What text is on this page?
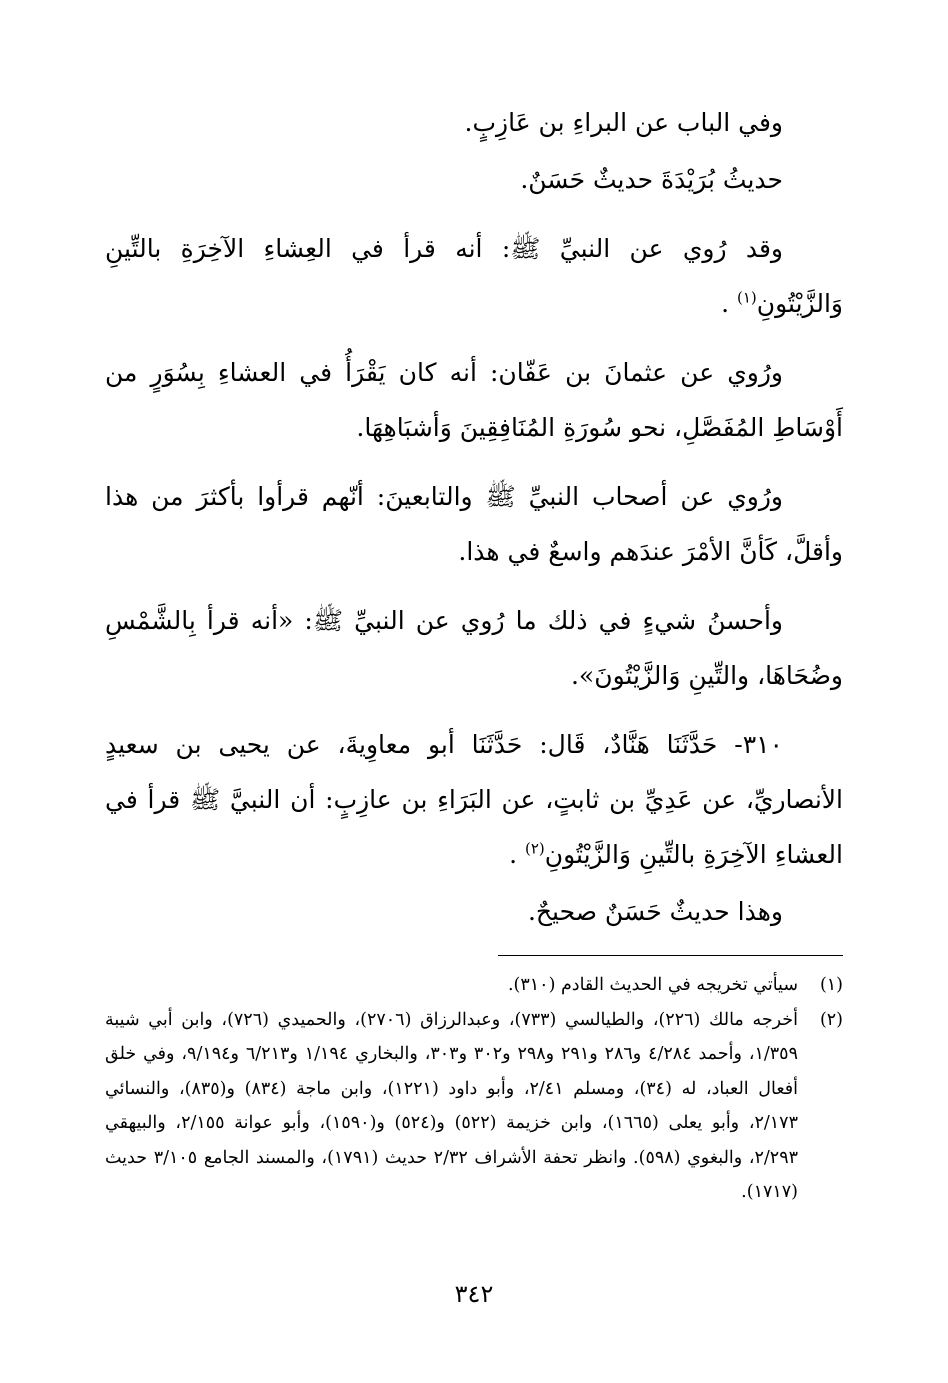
وفي الباب عن البراءِ بن عَازِبٍ.

حديثُ بُرَيْدَةَ حديثٌ حَسَنٌ.

وقد رُوي عن النبيِّ ﷺ: أنه قرأ في العِشاءِ الآخِرَةِ بالتِّينِ وَالزَّيْتُونِ$^{(١)}$ .

ورُوي عن عثمانَ بن عَفّان: أنه كان يَقْرَأُ في العشاءِ بِسُوَرٍ من أَوْسَاطِ المُفَصَّلِ، نحو سُورَةِ المُنَافِقِينَ وَأشبَاهِهَا.

ورُوي عن أصحاب النبيِّ ﷺ والتابعينَ: أنّهم قرأوا بأكثرَ من هذا وأقلَّ، كَأنَّ الأمْرَ عندَهم واسعٌ في هذا.

وأحسنُ شيءٍ في ذلك ما رُوي عن النبيِّ ﷺ: «أنه قرأ بِالشَّمْسِ وضُحَاهَا، والتِّينِ وَالزَّيْتُونَ».

٣١٠- حَدَّثَنَا هَنَّادٌ، قَال: حَدَّثَنَا أبو معاوِيةَ، عن يحيى بن سعيدٍ الأنصاريِّ، عن عَدِيِّ بن ثابتٍ، عن البَرَاءِ بن عازِبٍ: أن النبيَّ ﷺ قرأ في العشاءِ الآخِرَةِ بالتِّينِ وَالزَّيْتُونِ$^{(٢)}$ .

وهذا حديثٌ حَسَنٌ صحيحٌ.

(١)
سيأتي تخريجه في الحديث القادم (٣١٠).
(٢)
أخرجه مالك (٢٢٦)، والطيالسي (٧٣٣)، وعبدالرزاق (٢٧٠٦)، والحميدي (٧٢٦)، وابن أبي شيبة ١/٣٥٩، وأحمد ٤/٢٨٤ و٢٨٦ و٢٩١ و٢٩٨ و٣٠٢ و٣٠٣، والبخاري ١/١٩٤ و٦/٢١٣ و٩/١٩٤، وفي خلق أفعال العباد، له (٣٤)، ومسلم ٢/٤١، وأبو داود (١٢٢١)، وابن ماجة (٨٣٤) و(٨٣٥)، والنسائي ٢/١٧٣، وأبو يعلى (١٦٦٥)، وابن خزيمة (٥٢٢) و(٥٢٤) و(١٥٩٠)، وأبو عوانة ٢/١٥٥، والبيهقي ٢/٢٩٣، والبغوي (٥٩٨). وانظر تحفة الأشراف ٢/٣٢ حديث (١٧٩١)، والمسند الجامع ٣/١٠٥ حديث (١٧١٧).
٣٤٢
